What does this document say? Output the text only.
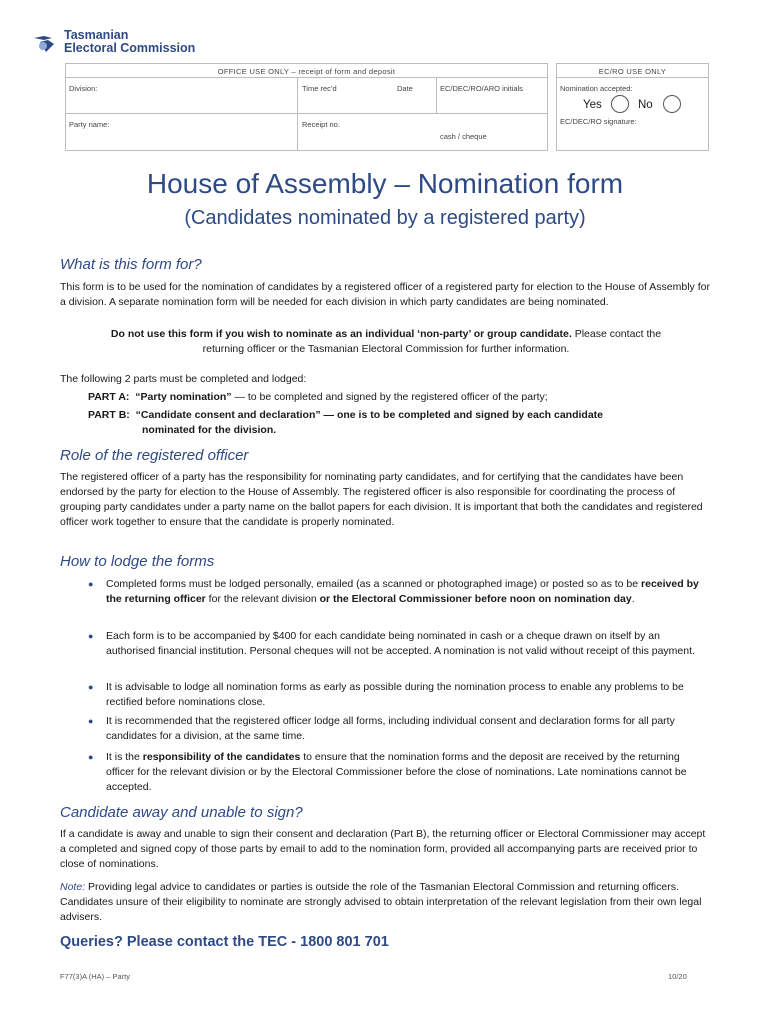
Tasmanian
Electoral Commission
OFFICE USE ONLY – receipt of form and deposit
Division:	Time rec’d	Date	EC/DEC/RO/ARO initials
Party name:	Receipt no.
cash / cheque
EC/RO USE ONLY
Nomination accepted:
Yes	No
EC/DEC/RO signature:
House of Assembly – Nomination form
(Candidates nominated by a registered party)
What is this form for?
This form is to be used for the nomination of candidates by a registered officer of a registered party for election to the House of Assembly for a division. A separate nomination form will be needed for each division in which party candidates are being nominated.
Do not use this form if you wish to nominate as an individual ‘non-party’ or group candidate. Please contact the
returning officer or the Tasmanian Electoral Commission for further information.
The following 2 parts must be completed and lodged:
PART A: “Party nomination” — to be completed and signed by the registered officer of the party;
PART B: “Candidate consent and declaration” — one is to be completed and signed by each candidate
nominated for the division.
Role of the registered officer
The registered officer of a party has the responsibility for nominating party candidates, and for certifying that the candidates have been endorsed by the party for election to the House of Assembly. The registered officer is also responsible for coordinating the process of grouping party candidates under a party name on the ballot papers for each division. It is important that both the candidates and registered officer work together to ensure that the candidate is properly nominated.
How to lodge the forms
●	Completed forms must be lodged personally, emailed (as a scanned or photographed image) or posted so as to be received by the returning officer for the relevant division or the Electoral Commissioner before noon on nomination day.
●	Each form is to be accompanied by $400 for each candidate being nominated in cash or a cheque drawn on itself by an authorised financial institution. Personal cheques will not be accepted. A nomination is not valid without receipt of this payment.
●	It is advisable to lodge all nomination forms as early as possible during the nomination process to enable any problems to be rectified before nominations close.
●	It is recommended that the registered officer lodge all forms, including individual consent and declaration forms for all party candidates for a division, at the same time.
●	It is the responsibility of the candidates to ensure that the nomination forms and the deposit are received by the returning officer for the relevant division or by the Electoral Commissioner before the close of nominations. Late nominations cannot be accepted.
Candidate away and unable to sign?
If a candidate is away and unable to sign their consent and declaration (Part B), the returning officer or Electoral Commissioner may accept a completed and signed copy of those parts by email to add to the nomination form, provided all accompanying parts are received prior to close of nominations.
Note: Providing legal advice to candidates or parties is outside the role of the Tasmanian Electoral Commission and returning officers. Candidates unsure of their eligibility to nominate are strongly advised to obtain interpretation of the relevant legislation from their own legal advisers.
Queries? Please contact the TEC - 1800 801 701
F77(3)A (HA) – Party	10/20
